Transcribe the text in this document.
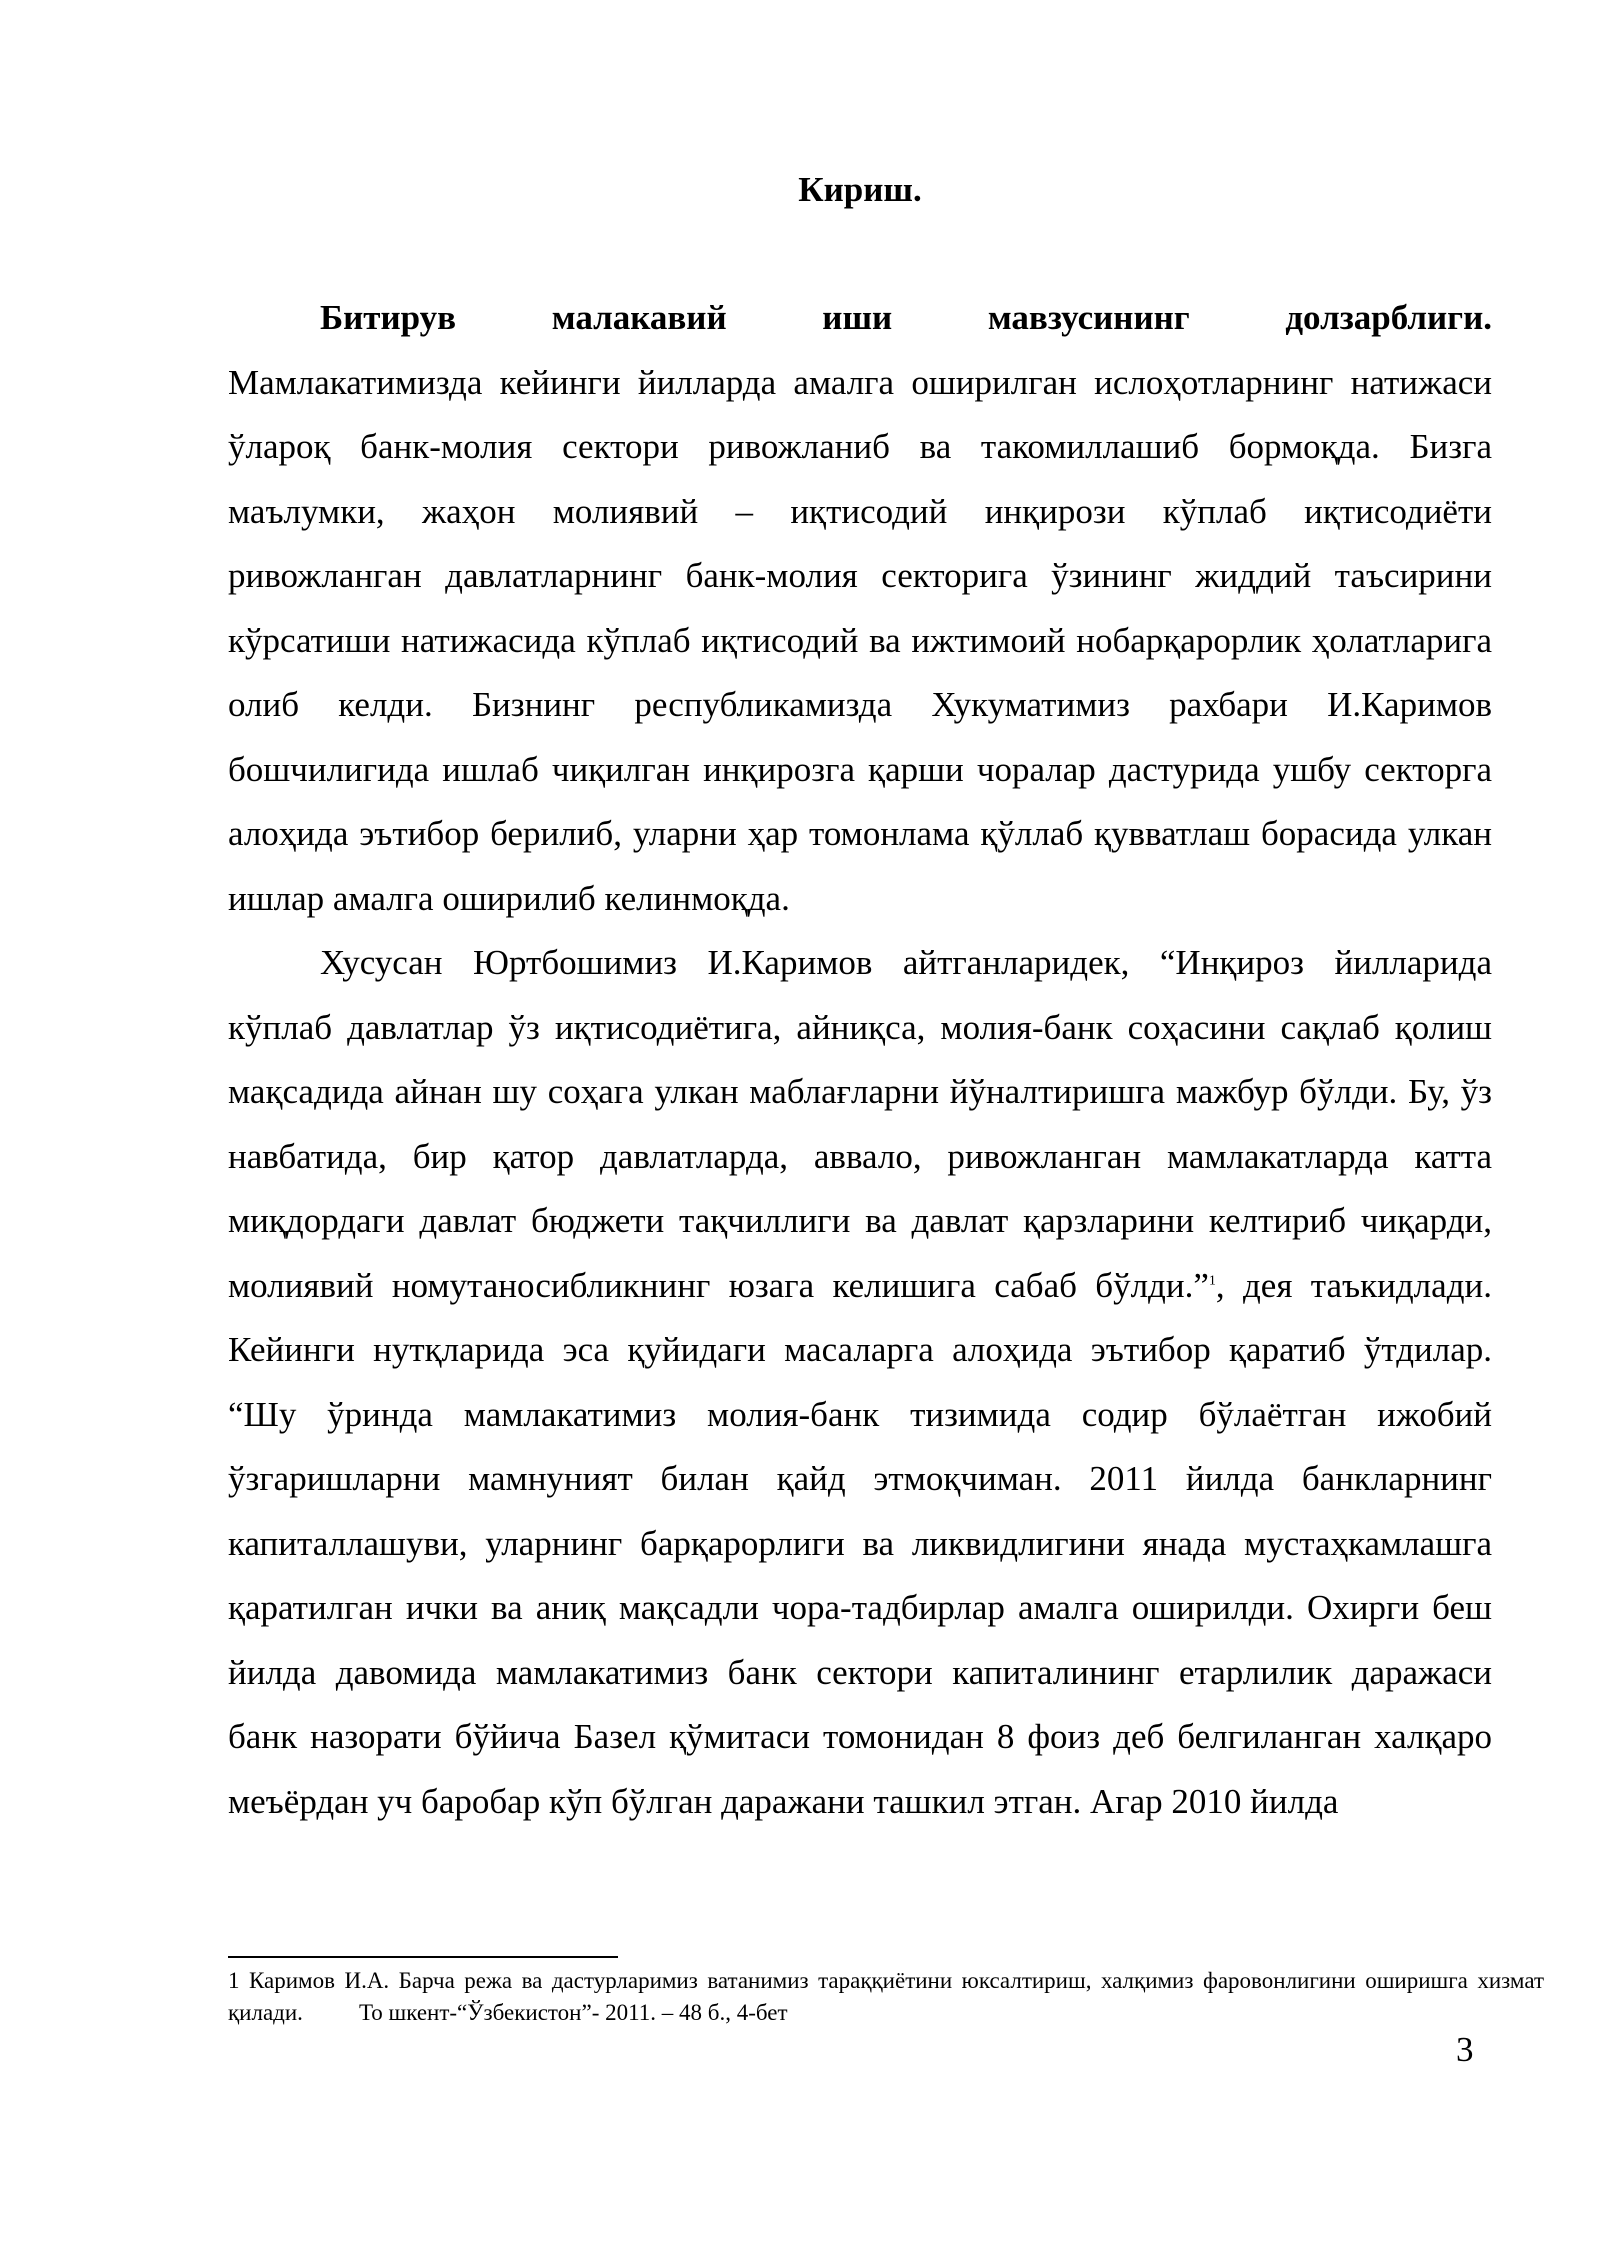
Кириш.

Битирув малакавий иши мавзусининг долзарблиги.
Мамлакатимизда кейинги йилларда амалга оширилган ислоҳотларнинг натижаси ўлароқ банк-молия сектори ривожланиб ва такомиллашиб бормоқда. Бизга маълумки, жаҳон молиявий – иқтисодий инқирози кўплаб иқтисодиёти ривожланган давлатларнинг банк-молия секторига ўзининг жиддий таъсирини кўрсатиши натижасида кўплаб иқтисодий ва ижтимоий нобарқарорлик ҳолатларига олиб келди. Бизнинг республикамизда Хукуматимиз рахбари И.Каримов бошчилигида ишлаб чиқилган инқирозга қарши чоралар дастурида ушбу секторга алоҳида эътибор берилиб, уларни ҳар томонлама қўллаб қувватлаш борасида улкан ишлар амалга оширилиб келинмоқда.

Хусусан Юртбошимиз И.Каримов айтганларидек, “Инқироз йилларида кўплаб давлатлар ўз иқтисодиётига, айниқса, молия-банк соҳасини сақлаб қолиш мақсадида айнан шу соҳага улкан маблағларни йўналтиришга мажбур бўлди. Бу, ўз навбатида, бир қатор давлатларда, аввало, ривожланган мамлакатларда катта миқдордаги давлат бюджети тақчиллиги ва давлат қарзларини келтириб чиқарди, молиявий номутаносибликнинг юзага келишига сабаб бўлди.”$^1$, дея таъкидлади. Кейинги нутқларида эса қуйидаги масаларга алоҳида эътибор қаратиб ўтдилар. “Шу ўринда мамлакатимиз молия-банк тизимида содир бўлаётган ижобий ўзгаришларни мамнуният билан қайд этмоқчиман. 2011 йилда банкларнинг капиталлашуви, уларнинг барқарорлиги ва ликвидлигини янада мустаҳкамлашга қаратилган ички ва аниқ мақсадли чора-тадбирлар амалга оширилди. Охирги беш йилда давомида мамлакатимиз банк сектори капиталининг етарлилик даражаси банк назорати бўйича Базел қўмитаси томонидан 8 фоиз деб белгиланган халқаро меъёрдан уч баробар кўп бўлган даражани ташкил этган. Агар 2010 йилда

1 Каримов И.А. Барча режа ва дастурларимиз ватанимиз тараққиётини юксалтириш, халқимиз фаровонлигини оширишга хизмат қилади. То шкент-“Ўзбекистон”- 2011. – 48 б., 4-бет
3
